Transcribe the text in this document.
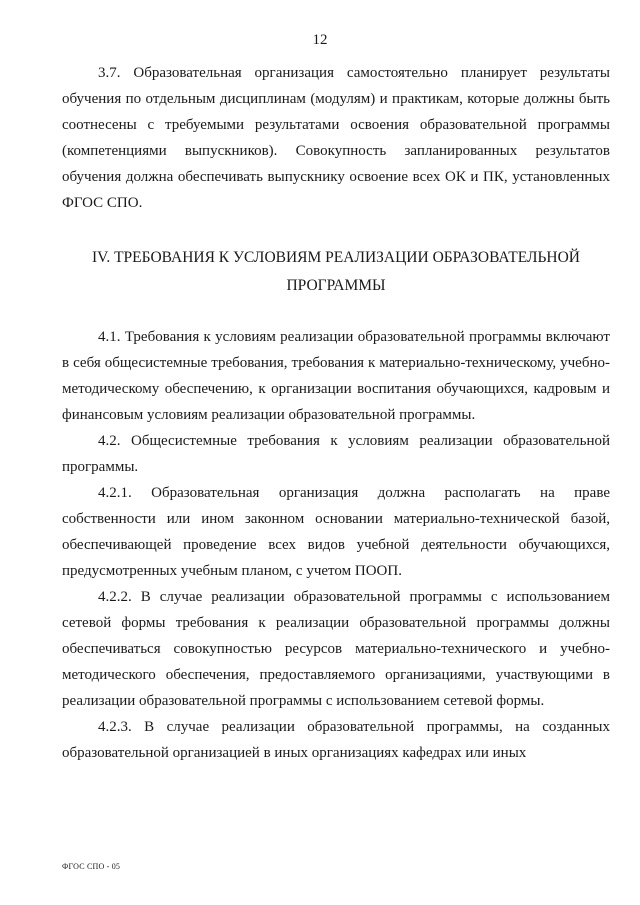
12

3.7. Образовательная организация самостоятельно планирует результаты обучения по отдельным дисциплинам (модулям) и практикам, которые должны быть соотнесены с требуемыми результатами освоения образовательной программы (компетенциями выпускников). Совокупность запланированных результатов обучения должна обеспечивать выпускнику освоение всех ОК и ПК, установленных ФГОС СПО.

IV. ТРЕБОВАНИЯ К УСЛОВИЯМ РЕАЛИЗАЦИИ ОБРАЗОВАТЕЛЬНОЙ
ПРОГРАММЫ

4.1. Требования к условиям реализации образовательной программы включают в себя общесистемные требования, требования к материально-техническому, учебно-методическому обеспечению, к организации воспитания обучающихся, кадровым и финансовым условиям реализации образовательной программы.

4.2. Общесистемные требования к условиям реализации образовательной программы.

4.2.1. Образовательная организация должна располагать на праве собственности или ином законном основании материально-технической базой, обеспечивающей проведение всех видов учебной деятельности обучающихся, предусмотренных учебным планом, с учетом ПООП.

4.2.2. В случае реализации образовательной программы с использованием сетевой формы требования к реализации образовательной программы должны обеспечиваться совокупностью ресурсов материально-технического и учебно-методического обеспечения, предоставляемого организациями, участвующими в реализации образовательной программы с использованием сетевой формы.

4.2.3. В случае реализации образовательной программы, на созданных образовательной организацией в иных организациях кафедрах или иных

ФГОС СПО - 05
